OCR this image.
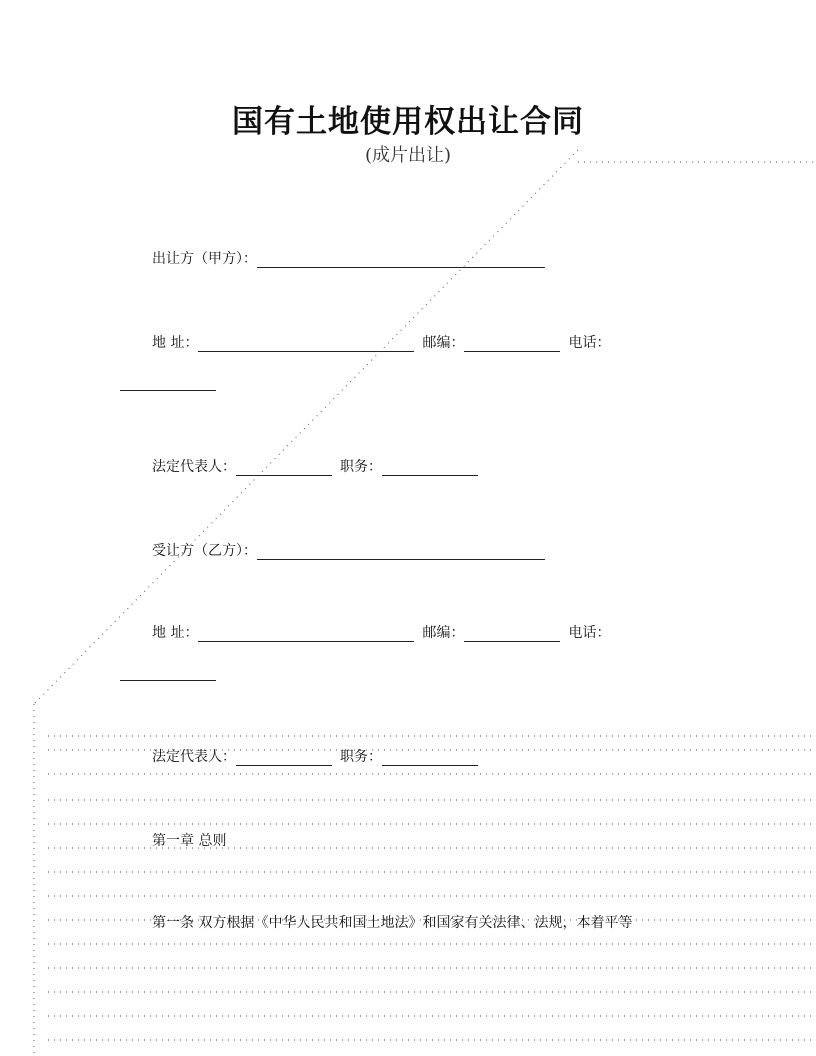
国有土地使用权出让合同
(成片出让)
出让方（甲方）：
地 址：	邮编：	电话：
法定代表人：	职务：
受让方（乙方）：
地 址：	邮编：	电话：
法定代表人：	职务：
第一章 总则
第一条 双方根据《中华人民共和国土地法》和国家有关法律、法规，本着平等
